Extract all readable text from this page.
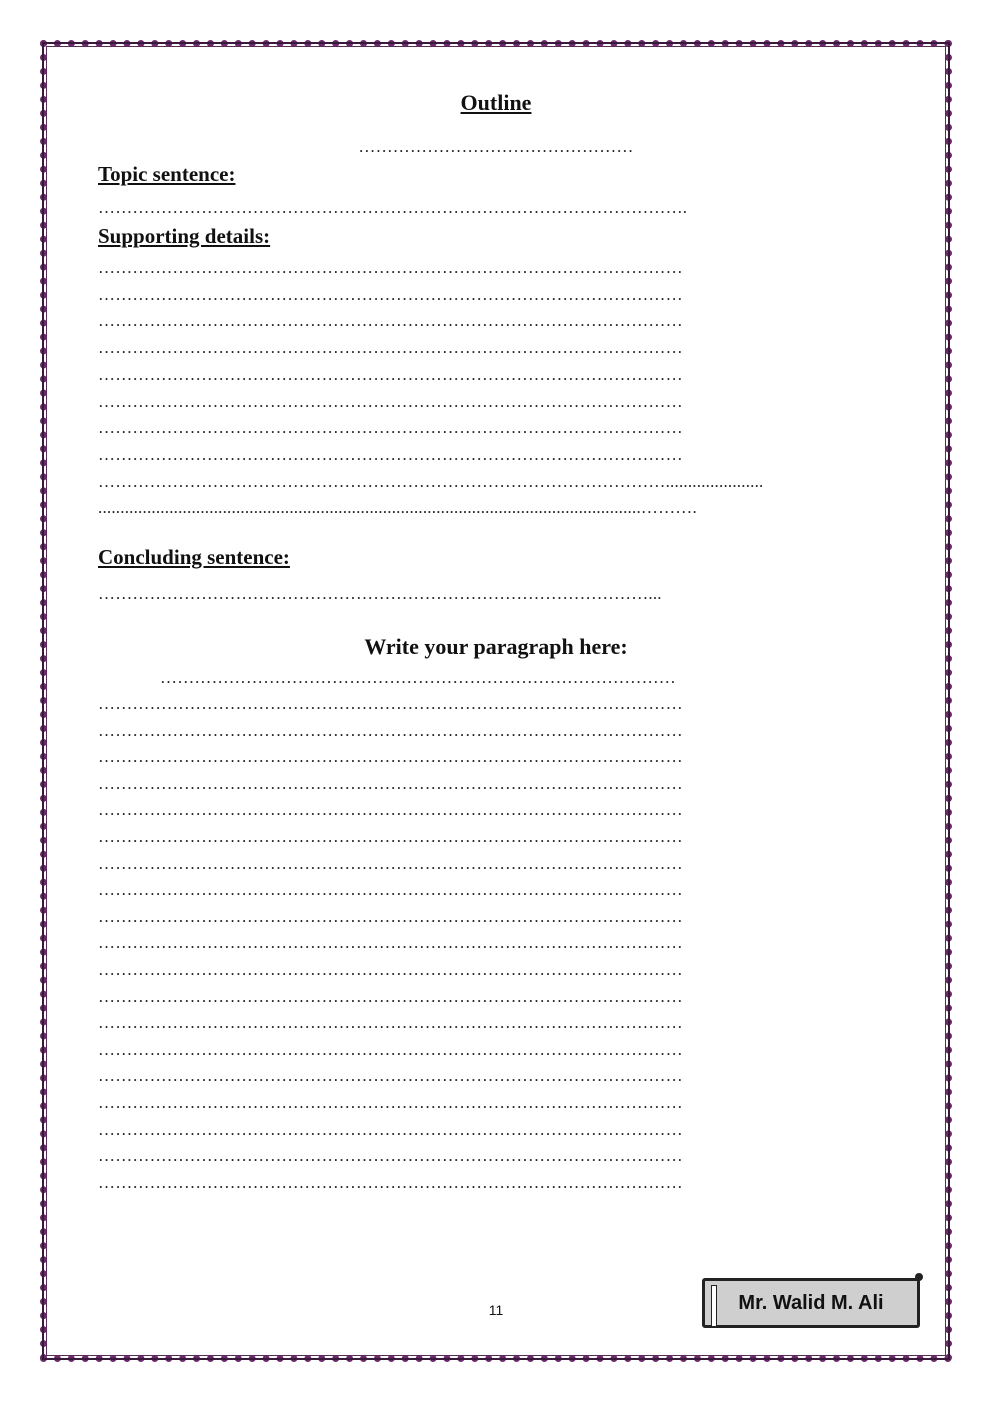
Outline
…………………………………………
Topic sentence:
………………………………………………………………………………………….
Supporting details:
…………………………………………………………………………………………
…………………………………………………………………………………………
…………………………………………………………………………………………
…………………………………………………………………………………………
…………………………………………………………………………………………
…………………………………………………………………………………………
…………………………………………………………………………………………
…………………………………………………………………………………………
………………………………………………………………………………………......................
..........................................................................................................................……….
Concluding sentence:
……………………………………………………………………………………...
Write your paragraph here:
………………………………………………………………………………
…………………………………………………………………………………………
…………………………………………………………………………………………
…………………………………………………………………………………………
…………………………………………………………………………………………
…………………………………………………………………………………………
…………………………………………………………………………………………
…………………………………………………………………………………………
…………………………………………………………………………………………
…………………………………………………………………………………………
…………………………………………………………………………………………
…………………………………………………………………………………………
…………………………………………………………………………………………
…………………………………………………………………………………………
…………………………………………………………………………………………
…………………………………………………………………………………………
…………………………………………………………………………………………
…………………………………………………………………………………………
…………………………………………………………………………………………
…………………………………………………………………………………………
11	Mr. Walid M. Ali
